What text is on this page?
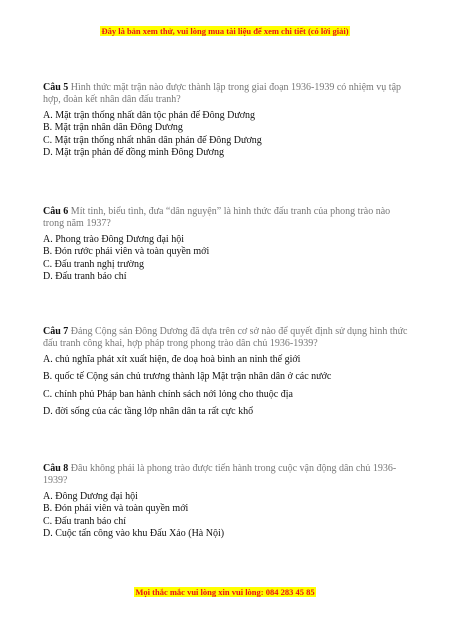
Đây là bản xem thử, vui lòng mua tài liệu để xem chi tiết (có lời giải)

Câu 5 Hình thức mặt trận nào được thành lập trong giai đoạn 1936-1939 có nhiệm vụ tập hợp, đoàn kết nhân dân đấu tranh?

A. Mặt trận thống nhất dân tộc phản đế Đông Dương
B. Mặt trận nhân dân Đông Dương
C. Mặt trận thống nhất nhân dân phản đế Đông Dương
D. Mặt trận phản đế đồng minh Đông Dương

Câu 6 Mít tinh, biểu tình, đưa “dân nguyện” là hình thức đấu tranh của phong trào nào trong năm 1937?

A. Phong trào Đông Dương đại hội
B. Đón rước phái viên và toàn quyền mới
C. Đấu tranh nghị trường
D. Đấu tranh báo chí

Câu 7 Đảng Cộng sản Đông Dương đã dựa trên cơ sở nào để quyết định sử dụng hình thức đấu tranh công khai, hợp pháp trong phong trào dân chủ 1936-1939?

A. chủ nghĩa phát xít xuất hiện, đe doạ hoà bình an ninh thế giới
B. quốc tế Cộng sản chủ trương thành lập Mặt trận nhân dân ở các nước
C. chính phủ Pháp ban hành chính sách nới lỏng cho thuộc địa
D. đời sống của các tầng lớp nhân dân ta rất cực khổ

Câu 8 Đâu không phải là phong trào được tiến hành trong cuộc vận động dân chủ 1936-1939?

A. Đông Dương đại hội
B. Đón phái viên và toàn quyền mới
C. Đấu tranh báo chí
D. Cuộc tấn công vào khu Đấu Xảo (Hà Nội)
Mọi thắc mắc vui lòng xin vui lòng: 084 283 45 85
